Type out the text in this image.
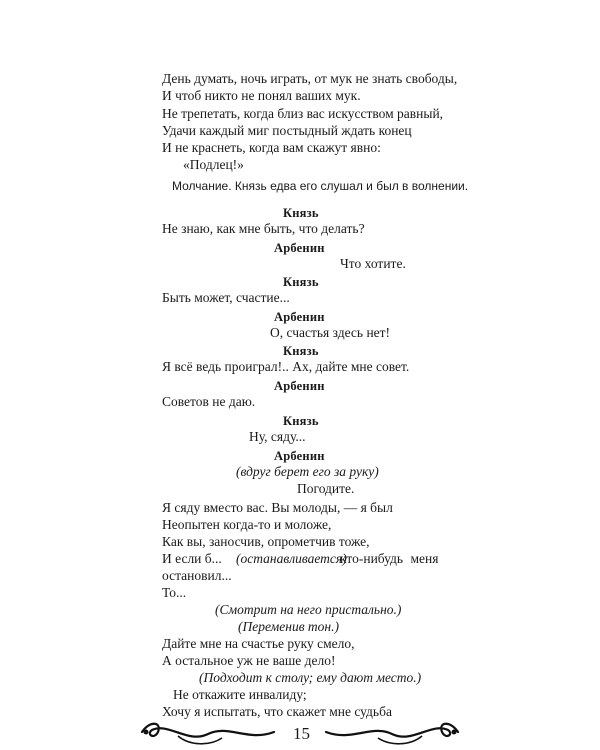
День думать, ночь играть, от мук не знать свободы,
И чтоб никто не понял ваших мук.
Не трепетать, когда близ вас искусством равный,
Удачи каждый миг постыдный ждать конец
И не краснеть, когда вам скажут явно:
«Подлец!»
Молчание. Князь едва его слушал и был в волнении.
Князь
Не знаю, как мне быть, что делать?
Арбенин
Что хотите.
Князь
Быть может, счастие...
Арбенин
О, счастья здесь нет!
Князь
Я всё ведь проиграл!.. Ах, дайте мне совет.
Арбенин
Советов не даю.
Князь
Ну, сяду...
Арбенин
(вдруг берет его за руку)
Погодите.
Я сяду вместо вас. Вы молоды, — я был
Неопытен когда-то и моложе,
Как вы, заносчив, опрометчив тоже,
И если б... (останавливается)
кто-нибудь меня
остановил...
То...
(Смотрит на него пристально.)
(Переменив тон.)
Дайте мне на счастье руку смело,
А остальное уж не ваше дело!
(Подходит к столу; ему дают место.)
Не откажите инвалиду;
Хочу я испытать, что скажет мне судьба
15
